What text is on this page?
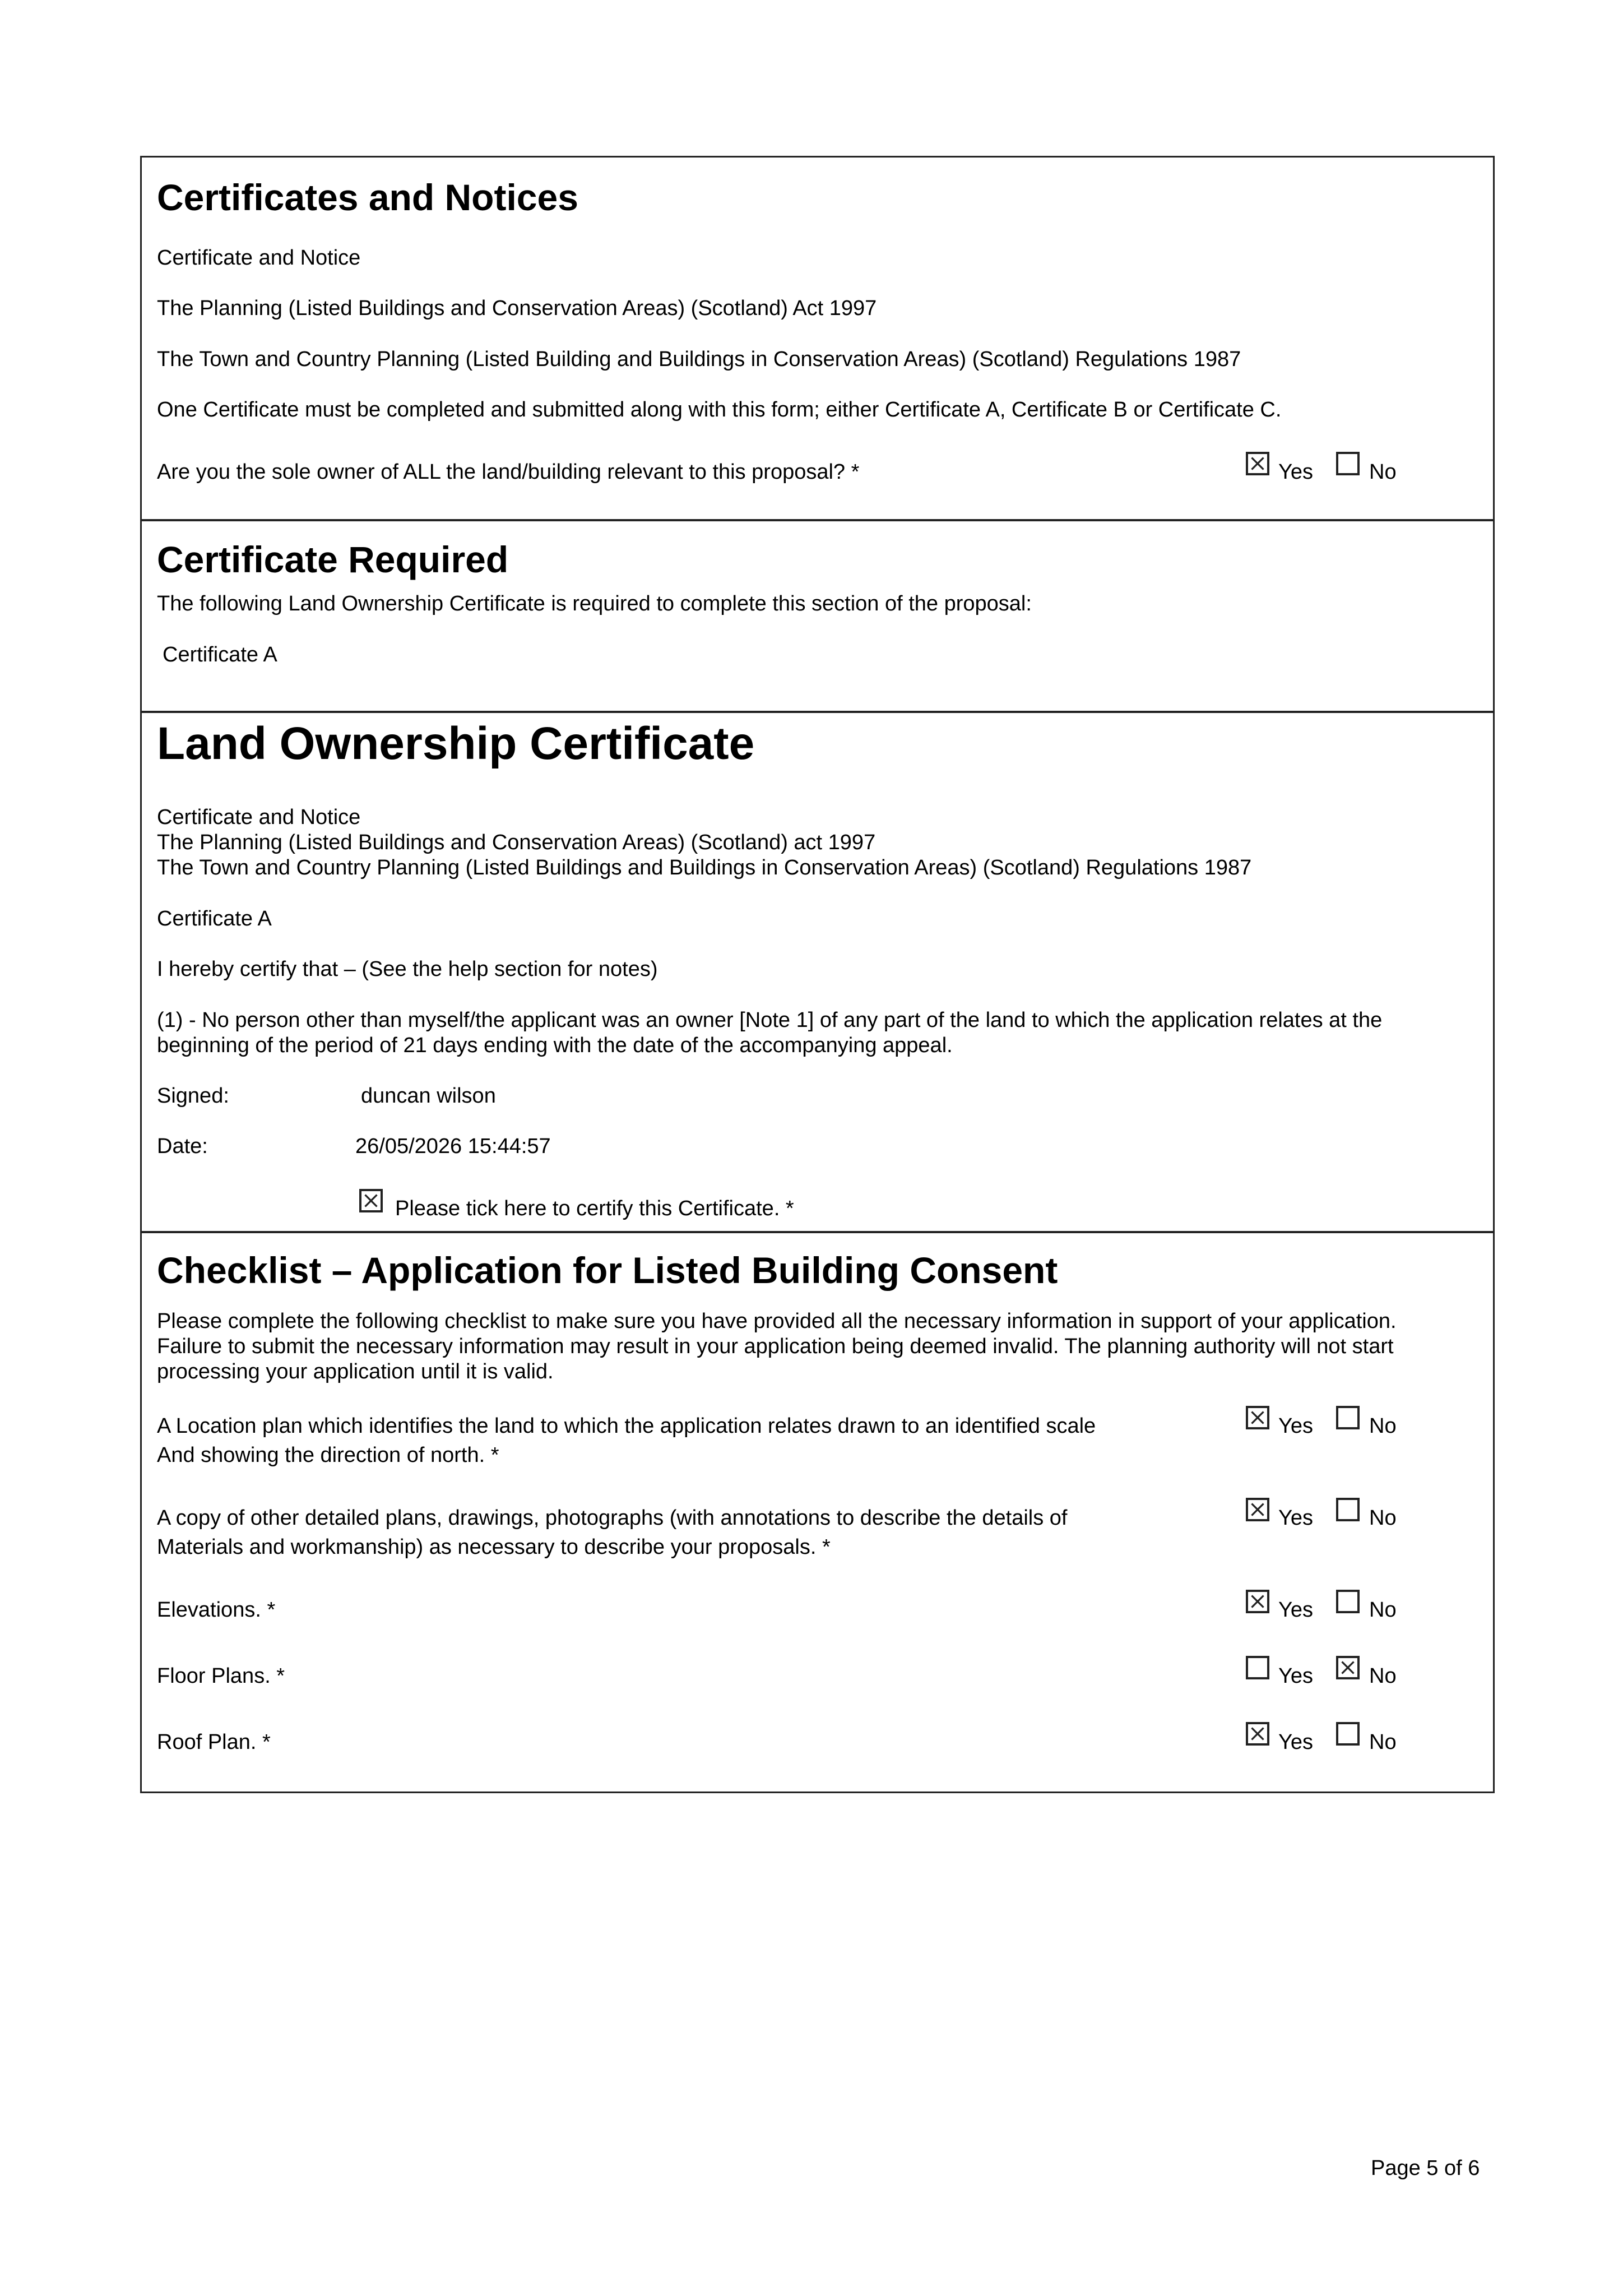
Certificates and Notices
Certificate and Notice
The Planning (Listed Buildings and Conservation Areas) (Scotland) Act 1997
The Town and Country Planning (Listed Building and Buildings in Conservation Areas) (Scotland) Regulations 1987
One Certificate must be completed and submitted along with this form; either Certificate A, Certificate B or Certificate C.
Are you the sole owner of ALL the land/building relevant to this proposal? *	Yes	No
Certificate Required
The following Land Ownership Certificate is required to complete this section of the proposal:
Certificate A
Land Ownership Certificate
Certificate and Notice
The Planning (Listed Buildings and Conservation Areas) (Scotland) act 1997
The Town and Country Planning (Listed Buildings and Buildings in Conservation Areas) (Scotland) Regulations 1987
Certificate A
I hereby certify that – (See the help section for notes)
(1) - No person other than myself/the applicant was an owner [Note 1] of any part of the land to which the application relates at the
beginning of the period of 21 days ending with the date of the accompanying appeal.
Signed:	duncan wilson
Date:	26/05/2026 15:44:57
Please tick here to certify this Certificate. *
Checklist – Application for Listed Building Consent
Please complete the following checklist to make sure you have provided all the necessary information in support of your application.
Failure to submit the necessary information may result in your application being deemed invalid. The planning authority will not start
processing your application until it is valid.
A Location plan which identifies the land to which the application relates drawn to an identified scale
And showing the direction of north. *
Yes	No
A copy of other detailed plans, drawings, photographs (with annotations to describe the details of
Materials and workmanship) as necessary to describe your proposals. *
Yes	No
Elevations. *	Yes	No
Floor Plans. *	Yes	No
Roof Plan. *	Yes	No
Page 5 of 6
